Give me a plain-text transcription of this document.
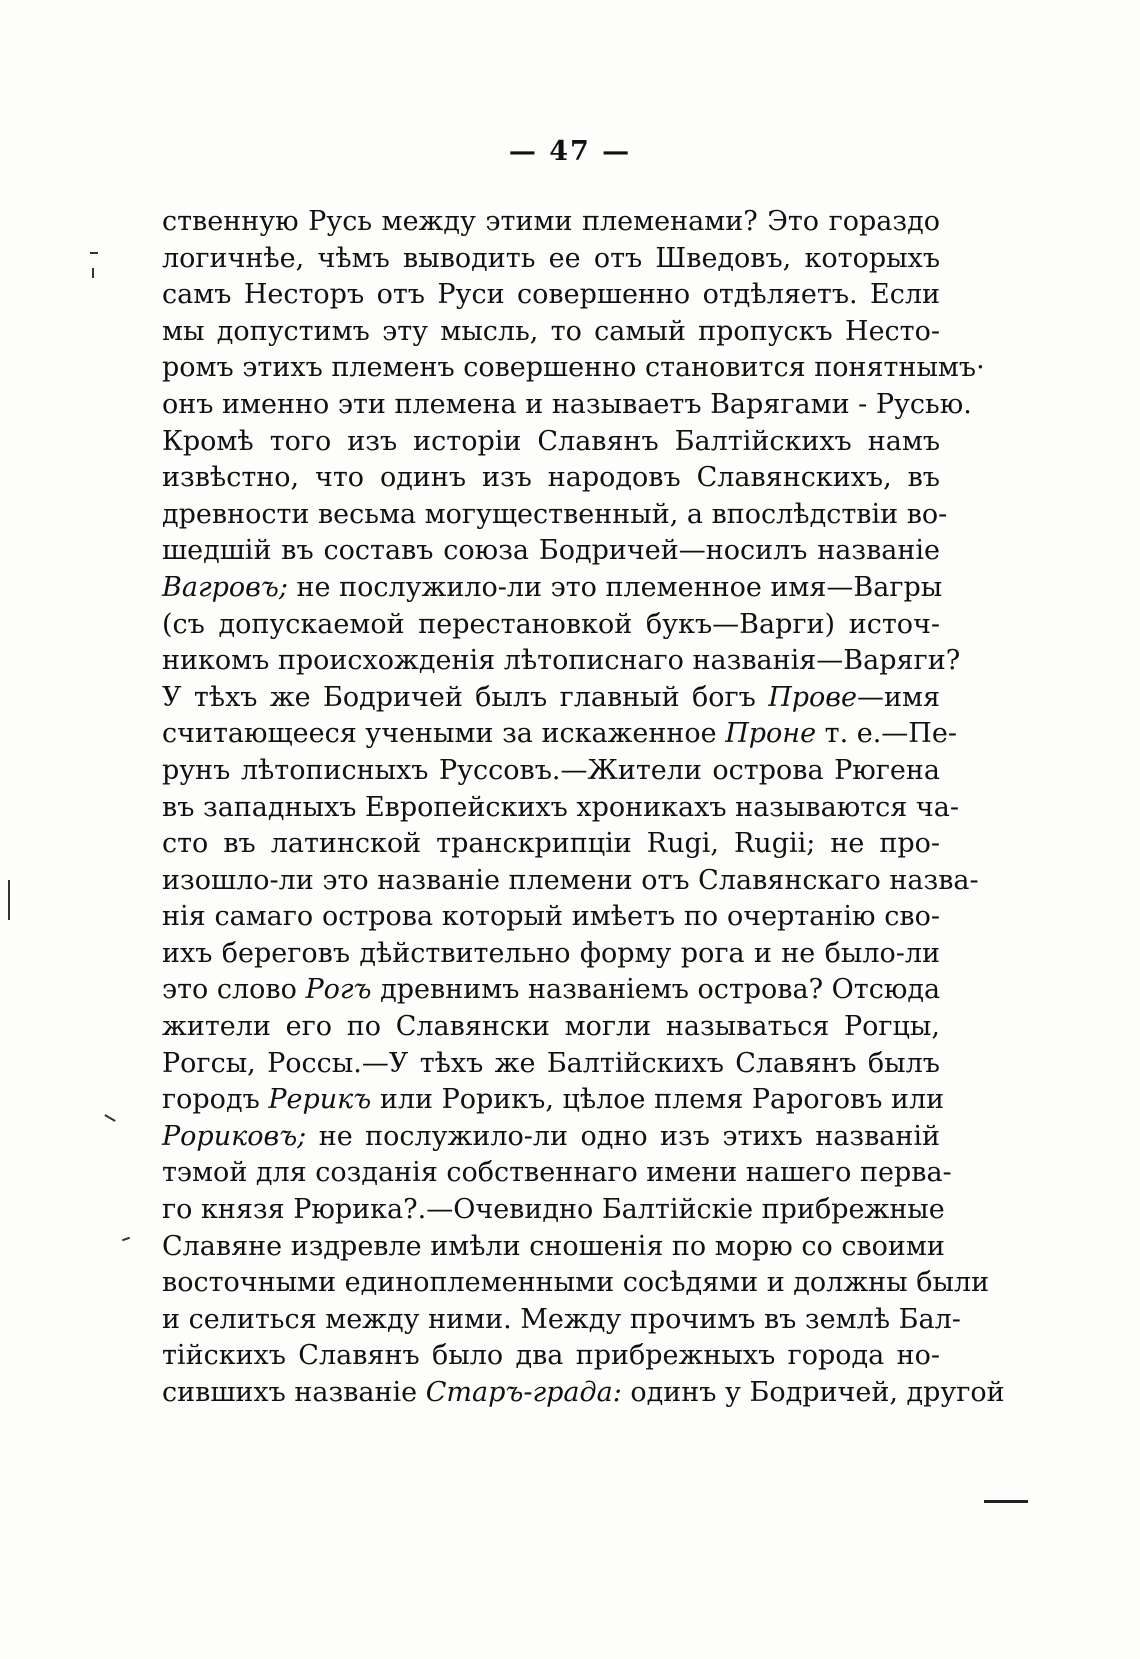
— 47 —
ственную Русь между этими племенами? Это гораздо
логичнѣе, чѣмъ выводить ее отъ Шведовъ, которыхъ
самъ Несторъ отъ Руси совершенно отдѣляетъ. Если
мы допустимъ эту мысль, то самый пропускъ Несто-
ромъ этихъ племенъ совершенно становится понятнымъ·
онъ именно эти племена и называетъ Варягами - Русью.
Кромѣ того изъ исторіи Славянъ Балтійскихъ намъ
извѣстно, что одинъ изъ народовъ Славянскихъ, въ
древности весьма могущественный, а впослѣдствіи во-
шедшій въ составъ союза Бодричей—носилъ названіе
Вагровъ; не послужило-ли это племенное имя—Вагры
(съ допускаемой перестановкой букъ—Варги) источ-
никомъ происхожденія лѣтописнаго названія—Варяги?
У тѣхъ же Бодричей былъ главный богъ Прове—имя
считающееся учеными за искаженное Проне т. е.—Пе-
рунъ лѣтописныхъ Руссовъ.—Жители острова Рюгена
въ западныхъ Европейскихъ хроникахъ называются ча-
сто въ латинской транскрипціи Rugi, Rugii; не про-
изошло-ли это названіе племени отъ Славянскаго назва-
нія самаго острова который имѣетъ по очертанію сво-
ихъ береговъ дѣйствительно форму рога и не было-ли
это слово Рогъ древнимъ названіемъ острова? Отсюда
жители его по Славянски могли называться Рогцы,
Рогсы, Россы.—У тѣхъ же Балтійскихъ Славянъ былъ
городъ Рерикъ или Рорикъ, цѣлое племя Рароговъ или
Рориковъ; не послужило-ли одно изъ этихъ названій
тэмой для созданія собственнаго имени нашего перва-
го князя Рюрика?.—Очевидно Балтійскіе прибрежные
Славяне издревле имѣли сношенія по морю со своими
восточными единоплеменными сосѣдями и должны были
и селиться между ними. Между прочимъ въ землѣ Бал-
тійскихъ Славянъ было два прибрежныхъ города но-
сившихъ названіе Старъ-града: одинъ у Бодричей, другой
